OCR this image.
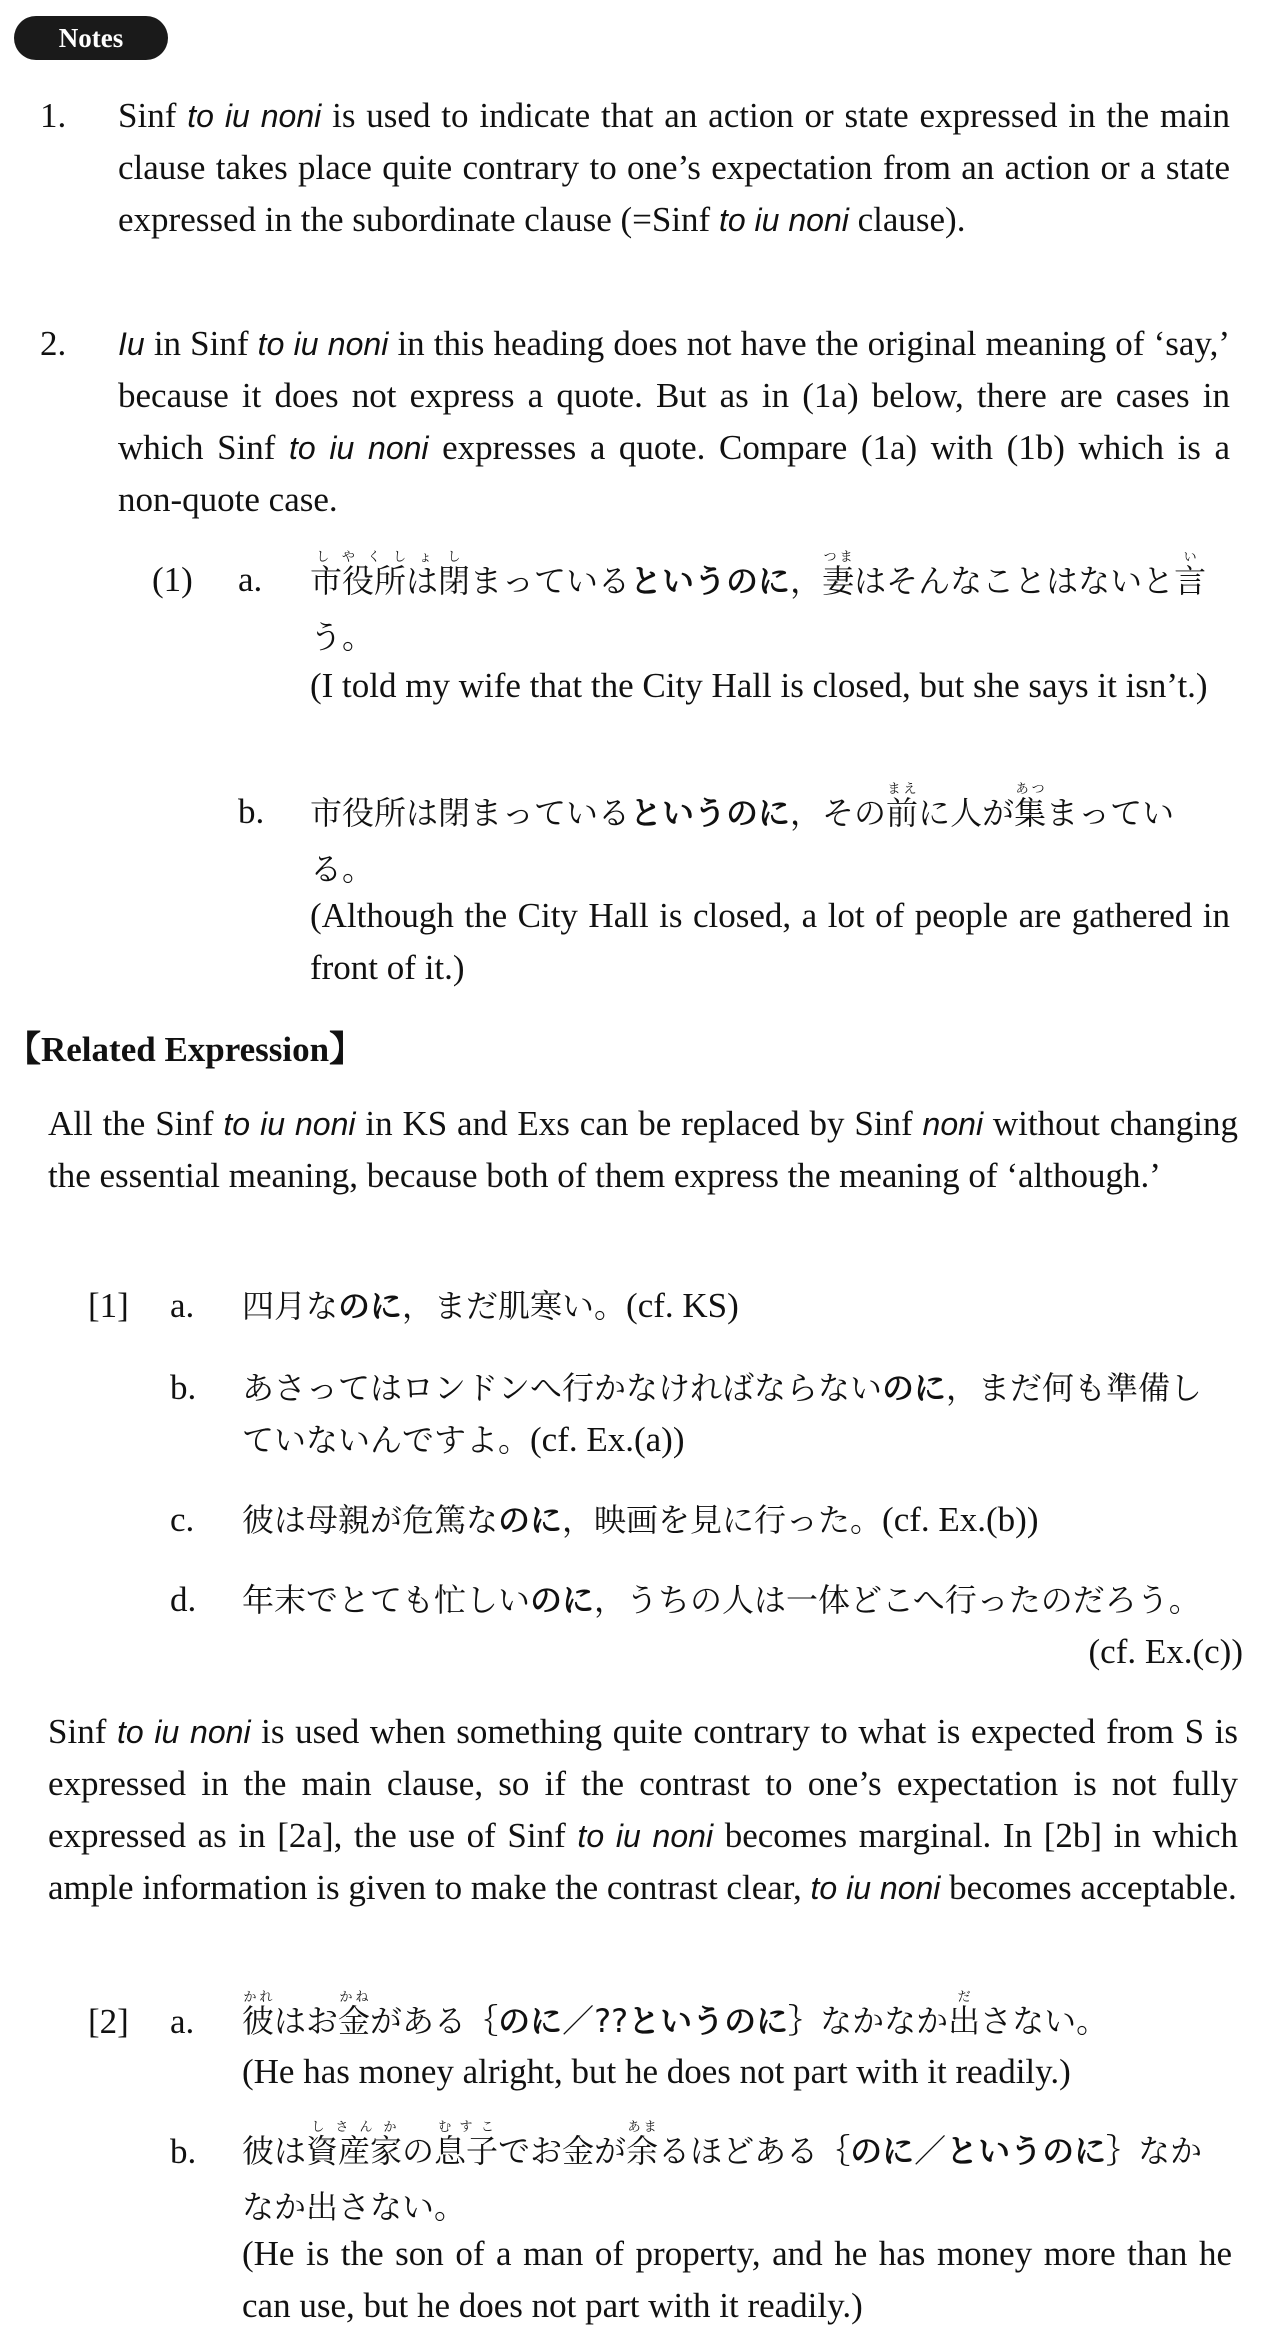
Notes
1.	Sinf to iu noni is used to indicate that an action or state expressed in the main clause takes place quite contrary to one’s expectation from an action or a state expressed in the subordinate clause (=Sinf to iu noni clause).
2.	Iu in Sinf to iu noni in this heading does not have the original meaning of ‘say,’ because it does not express a quote. But as in (1a) below, there are cases in which Sinf to iu noni expresses a quote. Compare (1a) with (1b) which is a non-quote case.
(1) a. 市役所はしやくしょ閉しまっているというのに，妻つまはそんなことはないと言いう。
(I told my wife that the City Hall is closed, but she says it isn’t.)
b. 市役所は閉まっているというのに，その前まえに人が集あつまっている。
(Although the City Hall is closed, a lot of people are gathered in front of it.)
【Related Expression】
All the Sinf to iu noni in KS and Exs can be replaced by Sinf noni without changing the essential meaning, because both of them express the meaning of ‘although.’
[1] a. 四月なのに，まだ肌寒い。(cf. KS)
b. あさってはロンドンへ行かなければならないのに，まだ何も準備していないんですよ。(cf. Ex.(a))
c. 彼は母親が危篤なのに，映画を見に行った。(cf. Ex.(b))
d. 年末でとても忙しいのに，うちの人は一体どこへ行ったのだろう。
(cf. Ex.(c))
Sinf to iu noni is used when something quite contrary to what is expected from S is expressed in the main clause, so if the contrast to one’s expectation is not fully expressed as in [2a], the use of Sinf to iu noni becomes marginal. In [2b] in which ample information is given to make the contrast clear, to iu noni becomes acceptable.
[2] a. 彼かれはお金かねがある｛のに／??というのに｝なかなか出ださない。
(He has money alright, but he does not part with it readily.)
b. 彼は資産家しさんかの息子むすこでお金が余あまるほどある｛のに／というのに｝なかなか出さない。
(He is the son of a man of property, and he has money more than he can use, but he does not part with it readily.)
